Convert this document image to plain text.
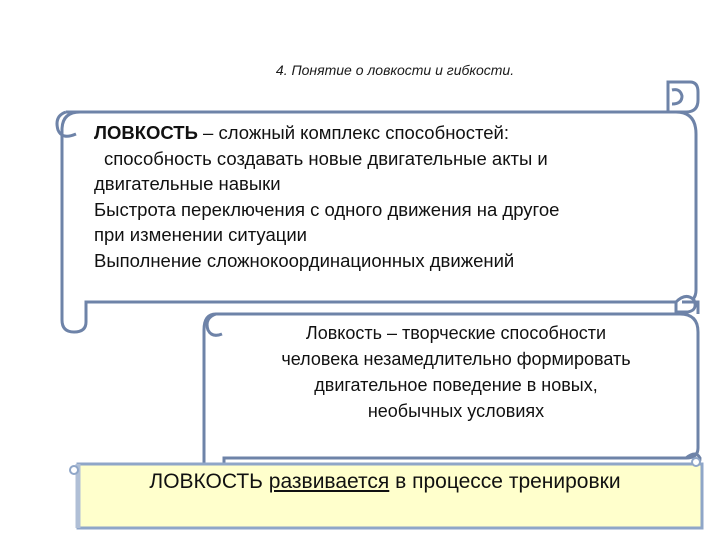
4. Понятие о ловкости и гибкости.
ЛОВКОСТЬ – сложный комплекс способностей:
способность создавать новые двигательные акты и
двигательные навыки
Быстрота переключения с одного движения на другое
при изменении ситуации
Выполнение сложнокоординационных движений
Ловкость – творческие способности
человека незамедлительно формировать
двигательное поведение в новых,
необычных условиях
ЛОВКОСТЬ развивается в процессе тренировки
